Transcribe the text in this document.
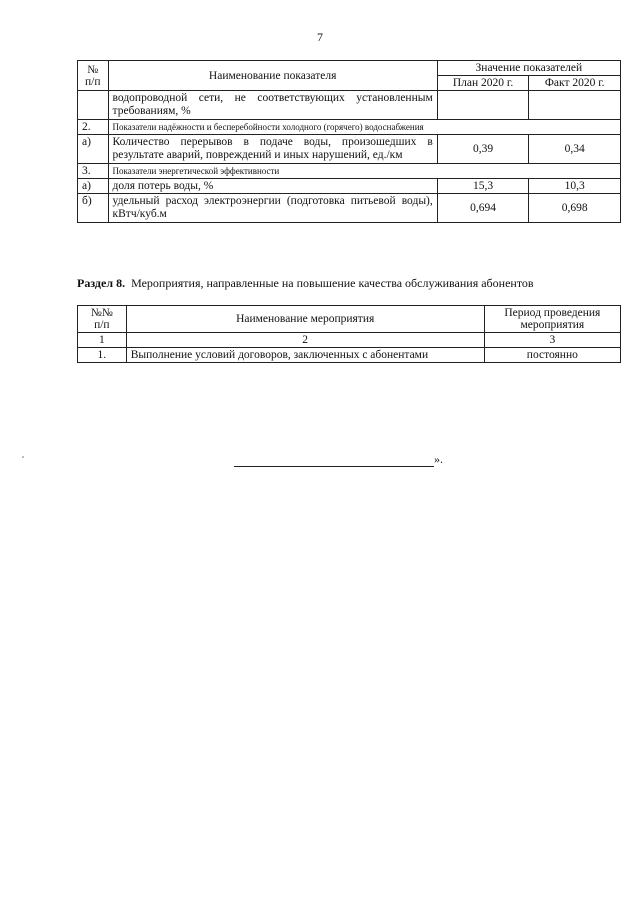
7
№
п/п	Наименование показателя	Значение показателей	
		План 2020 г.	Факт 2020 г.
	водопроводной сети, не соответствующих установленным требованиям, %		
2.	Показатели надёжности и бесперебойности холодного (горячего) водоснабжения		
а)	Количество перерывов в подаче воды, произошедших в результате аварий, повреждений и иных нарушений, ед./км	0,39	0,34
3.	Показатели энергетической эффективности		
а)	доля потерь воды, %	15,3	10,3
б)	удельный расход электроэнергии (подготовка питьевой воды), кВтч/куб.м	0,694	0,698
Раздел 8. Мероприятия, направленные на повышение качества обслуживания абонентов
№№
п/п	Наименование мероприятия	Период проведения мероприятия
1	2	3
1.	Выполнение условий договоров, заключенных с абонентами	постоянно
».
